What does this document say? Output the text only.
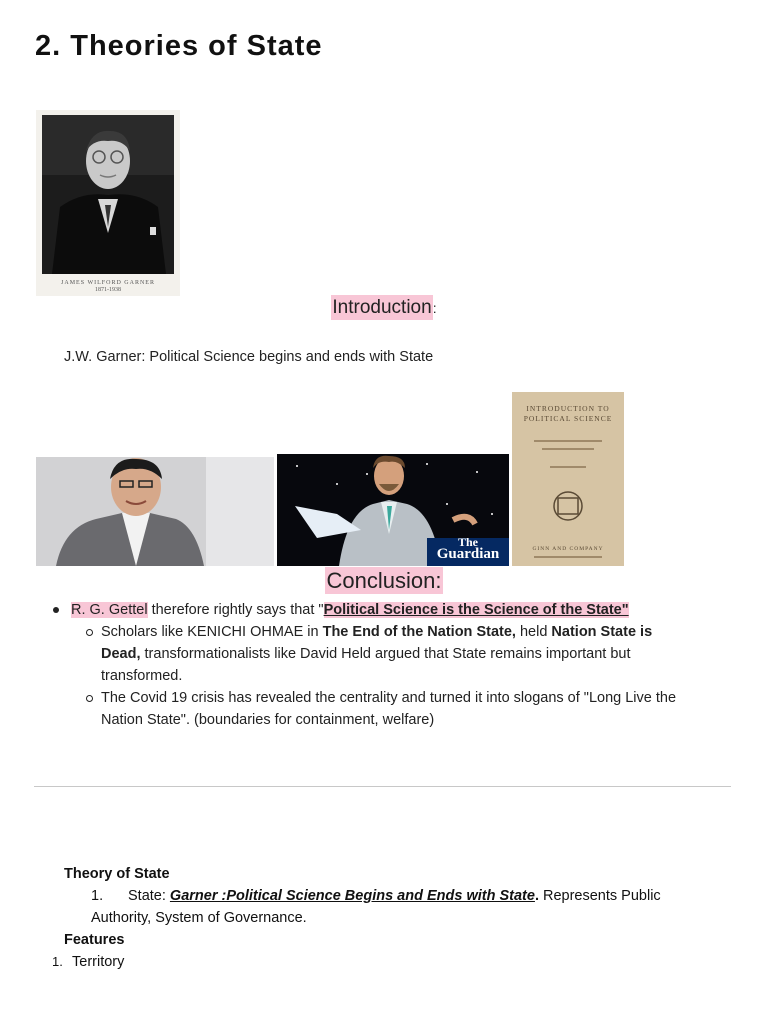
2. Theories of State
JAMES WILFORD GARNER
1871-1938
Introduction:
J.W. Garner: Political Science begins and ends with State
The
Guardian
INTRODUCTION TO
POLITICAL SCIENCE
GINN AND COMPANY
Conclusion:
R. G. Gettel therefore rightly says that "Political Science is the Science of the State"
Scholars like KENICHI OHMAE in The End of the Nation State, held Nation State is
Dead, transformationalists like David Held argued that State remains important but
transformed.
The Covid 19 crisis has revealed the centrality and turned it into slogans of "Long Live the
Nation State". (boundaries for containment, welfare)
Theory of State
1. State: Garner :Political Science Begins and Ends with State. Represents Public
Authority, System of Governance.
Features
1. Territory
